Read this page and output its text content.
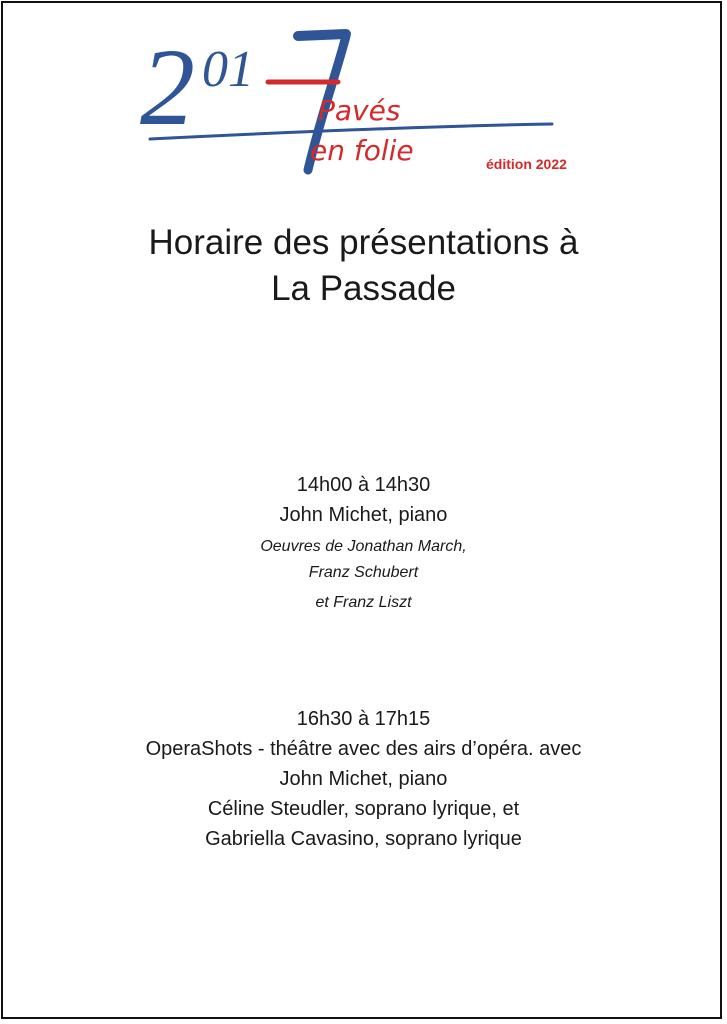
2 01
Pavés
en folie	édition 2022
Horaire des présentations à
La Passade
14h00 à 14h30
John Michet, piano
Oeuvres de Jonathan March,
Franz Schubert
et Franz Liszt
16h30 à 17h15
OperaShots - théâtre avec des airs d’opéra. avec
John Michet, piano
Céline Steudler, soprano lyrique, et
Gabriella Cavasino, soprano lyrique
